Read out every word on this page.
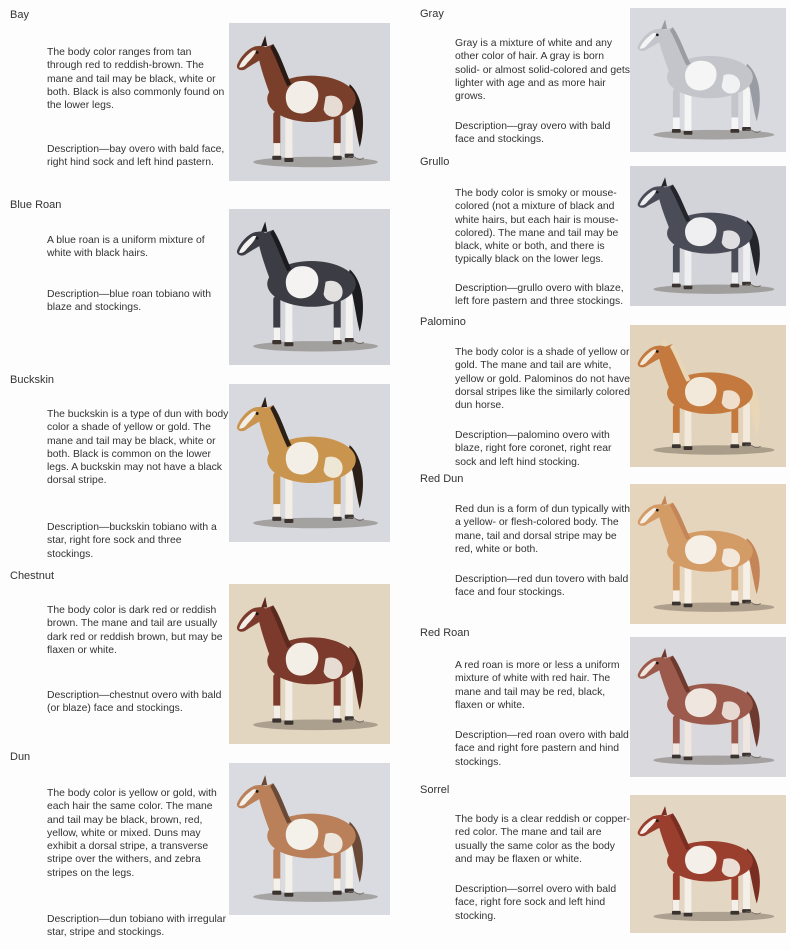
Bay
The body color ranges from tan through red to reddish-brown. The mane and tail may be black, white or both. Black is also commonly found on the lower legs.
Description—bay overo with bald face, right hind sock and left hind pastern.
Blue Roan
A blue roan is a uniform mixture of white with black hairs.
Description—blue roan tobiano with blaze and stockings.
Buckskin
The buckskin is a type of dun with body color a shade of yellow or gold. The mane and tail may be black, white or both. Black is common on the lower legs. A buckskin may not have a black dorsal stripe.
Description—buckskin tobiano with a star, right fore sock and three stockings.
Chestnut
The body color is dark red or reddish brown. The mane and tail are usually dark red or reddish brown, but may be flaxen or white.
Description—chestnut overo with bald (or blaze) face and stockings.
Dun
The body color is yellow or gold, with each hair the same color. The mane and tail may be black, brown, red, yellow, white or mixed. Duns may exhibit a dorsal stripe, a transverse stripe over the withers, and zebra stripes on the legs.
Description—dun tobiano with irregular star, stripe and stockings.
Gray
Gray is a mixture of white and any other color of hair. A gray is born solid- or almost solid-colored and gets lighter with age and as more hair grows.
Description—gray overo with bald face and stockings.
Grullo
The body color is smoky or mouse-colored (not a mixture of black and white hairs, but each hair is mouse-colored). The mane and tail may be black, white or both, and there is typically black on the lower legs.
Description—grullo overo with blaze, left fore pastern and three stockings.
Palomino
The body color is a shade of yellow or gold. The mane and tail are white, yellow or gold. Palominos do not have dorsal stripes like the similarly colored dun horse.
Description—palomino overo with blaze, right fore coronet, right rear sock and left hind stocking.
Red Dun
Red dun is a form of dun typically with a yellow- or flesh-colored body. The mane, tail and dorsal stripe may be red, white or both.
Description—red dun tovero with bald face and four stockings.
Red Roan
A red roan is more or less a uniform mixture of white with red hair. The mane and tail may be red, black, flaxen or white.
Description—red roan overo with bald face and right fore pastern and hind stockings.
Sorrel
The body is a clear reddish or copper-red color. The mane and tail are usually the same color as the body and may be flaxen or white.
Description—sorrel overo with bald face, right fore sock and left hind stocking.
